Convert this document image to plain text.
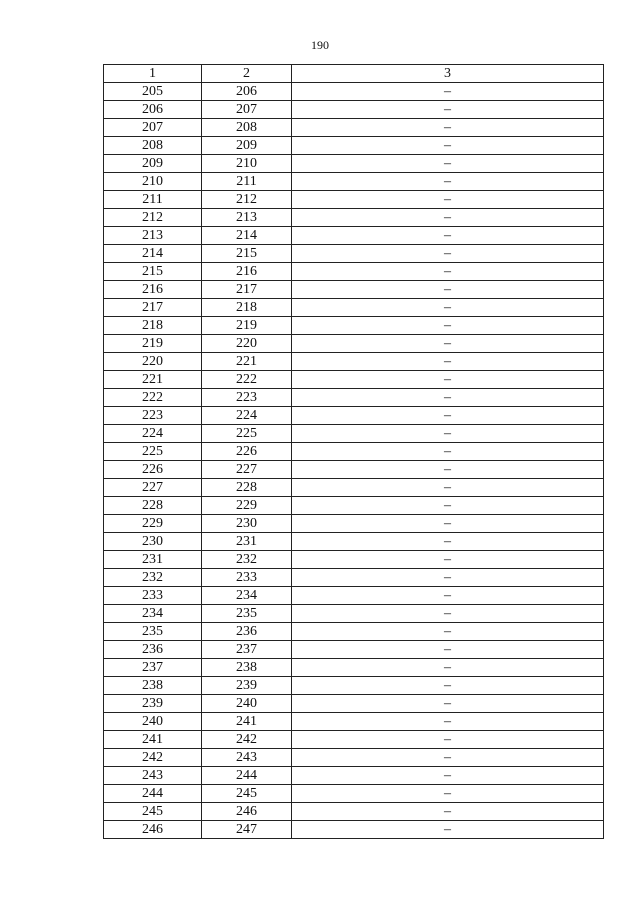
190
1	2	3
205	206	–
206	207	–
207	208	–
208	209	–
209	210	–
210	211	–
211	212	–
212	213	–
213	214	–
214	215	–
215	216	–
216	217	–
217	218	–
218	219	–
219	220	–
220	221	–
221	222	–
222	223	–
223	224	–
224	225	–
225	226	–
226	227	–
227	228	–
228	229	–
229	230	–
230	231	–
231	232	–
232	233	–
233	234	–
234	235	–
235	236	–
236	237	–
237	238	–
238	239	–
239	240	–
240	241	–
241	242	–
242	243	–
243	244	–
244	245	–
245	246	–
246	247	–
